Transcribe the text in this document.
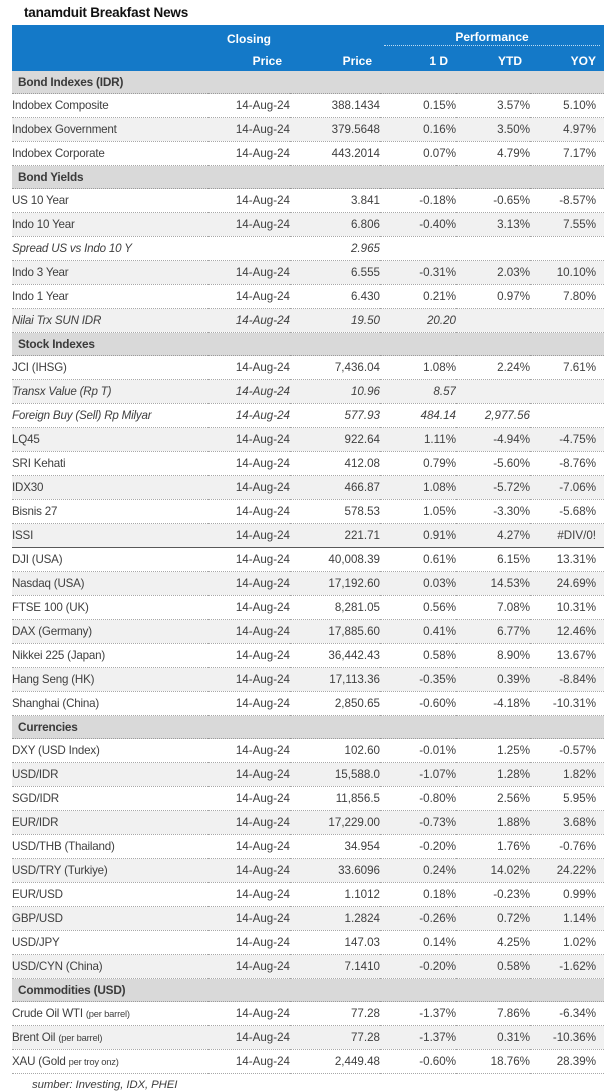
tanamduit Breakfast News
	Closing		Performance		

	Price	Price	1 D	YTD	YOY
Bond Indexes (IDR)					
Indobex Composite	14-Aug-24	388.1434	0.15%	3.57%	5.10%
Indobex Government	14-Aug-24	379.5648	0.16%	3.50%	4.97%
Indobex Corporate	14-Aug-24	443.2014	0.07%	4.79%	7.17%
Bond Yields					
US 10 Year	14-Aug-24	3.841	-0.18%	-0.65%	-8.57%
Indo 10 Year	14-Aug-24	6.806	-0.40%	3.13%	7.55%
Spread US vs Indo 10 Y		2.965			
Indo 3 Year	14-Aug-24	6.555	-0.31%	2.03%	10.10%
Indo 1 Year	14-Aug-24	6.430	0.21%	0.97%	7.80%
Nilai Trx SUN IDR	14-Aug-24	19.50	20.20		
Stock Indexes					
JCI (IHSG)	14-Aug-24	7,436.04	1.08%	2.24%	7.61%
Transx Value (Rp T)	14-Aug-24	10.96	8.57		
Foreign Buy (Sell) Rp Milyar	14-Aug-24	577.93	484.14	2,977.56	
LQ45	14-Aug-24	922.64	1.11%	-4.94%	-4.75%
SRI Kehati	14-Aug-24	412.08	0.79%	-5.60%	-8.76%
IDX30	14-Aug-24	466.87	1.08%	-5.72%	-7.06%
Bisnis 27	14-Aug-24	578.53	1.05%	-3.30%	-5.68%
ISSI	14-Aug-24	221.71	0.91%	4.27%	#DIV/0!
DJI (USA)	14-Aug-24	40,008.39	0.61%	6.15%	13.31%
Nasdaq (USA)	14-Aug-24	17,192.60	0.03%	14.53%	24.69%
FTSE 100 (UK)	14-Aug-24	8,281.05	0.56%	7.08%	10.31%
DAX (Germany)	14-Aug-24	17,885.60	0.41%	6.77%	12.46%
Nikkei 225 (Japan)	14-Aug-24	36,442.43	0.58%	8.90%	13.67%
Hang Seng (HK)	14-Aug-24	17,113.36	-0.35%	0.39%	-8.84%
Shanghai (China)	14-Aug-24	2,850.65	-0.60%	-4.18%	-10.31%
Currencies					
DXY (USD Index)	14-Aug-24	102.60	-0.01%	1.25%	-0.57%
USD/IDR	14-Aug-24	15,588.0	-1.07%	1.28%	1.82%
SGD/IDR	14-Aug-24	11,856.5	-0.80%	2.56%	5.95%
EUR/IDR	14-Aug-24	17,229.00	-0.73%	1.88%	3.68%
USD/THB (Thailand)	14-Aug-24	34.954	-0.20%	1.76%	-0.76%
USD/TRY (Turkiye)	14-Aug-24	33.6096	0.24%	14.02%	24.22%
EUR/USD	14-Aug-24	1.1012	0.18%	-0.23%	0.99%
GBP/USD	14-Aug-24	1.2824	-0.26%	0.72%	1.14%
USD/JPY	14-Aug-24	147.03	0.14%	4.25%	1.02%
USD/CYN (China)	14-Aug-24	7.1410	-0.20%	0.58%	-1.62%
Commodities (USD)					
Crude Oil WTI (per barrel)	14-Aug-24	77.28	-1.37%	7.86%	-6.34%
Brent Oil (per barrel)	14-Aug-24	77.28	-1.37%	0.31%	-10.36%
XAU (Gold per troy onz)	14-Aug-24	2,449.48	-0.60%	18.76%	28.39%
sumber: Investing, IDX, PHEI
